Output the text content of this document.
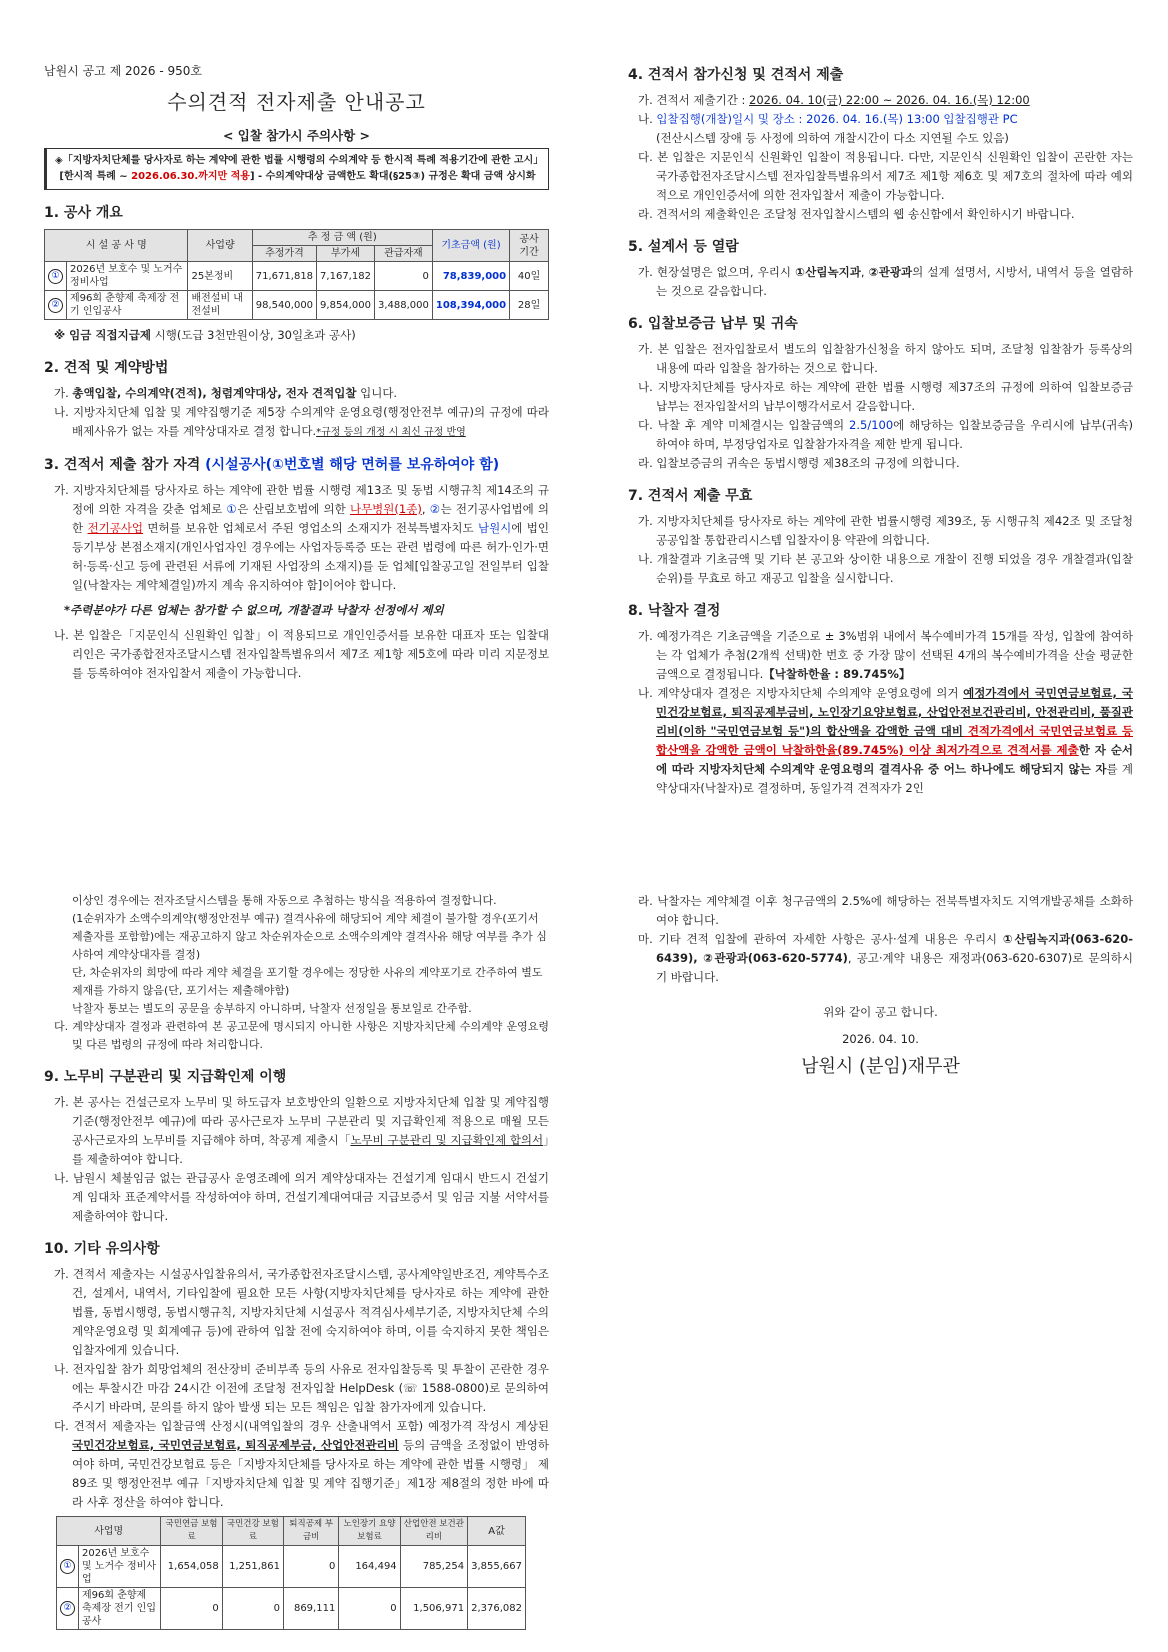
남원시 공고 제 2026 - 950호
수의견적 전자제출 안내공고
< 입찰 참가시 주의사항 >
◈「지방자치단체를 당사자로 하는 계약에 관한 법률 시행령의 수의계약 등 한시적 특례 적용기간에 관한 고시」
[한시적 특례 ~ 2026.06.30.까지만 적용] - 수의계약대상 금액한도 확대(§25③) 규정은 확대 금액 상시화
1. 공사 개요
시 설 공 사 명		사업량	추 정 금 액 (원)			기초금액 (원)	공사 기간
			추정가격	부가세	관급자재		
①	2026년 보호수 및 노거수 정비사업	25본정비	71,671,818	7,167,182	0	78,839,000	40일
②	제96회 춘향제 축제장 전기 인입공사	배전설비 내전설비	98,540,000	9,854,000	3,488,000	108,394,000	28일
※ 임금 직접지급제 시행(도급 3천만원이상, 30일초과 공사)
2. 견적 및 계약방법

가. 총액입찰, 수의계약(견적), 청렴계약대상, 전자 견적입찰 입니다.

나. 지방자치단체 입찰 및 계약집행기준 제5장 수의계약 운영요령(행정안전부 예규)의 규정에 따라 배제사유가 없는 자를 계약상대자로 결정 합니다.*규정 등의 개정 시 최신 규정 반영

3. 견적서 제출 참가 자격 (시설공사(①번호별 해당 면허를 보유하여야 함)

가. 지방자치단체를 당사자로 하는 계약에 관한 법률 시행령 제13조 및 동법 시행규칙 제14조의 규정에 의한 자격을 갖춘 업체로 ①은 산림보호법에 의한 나무병원(1종), ②는 전기공사업법에 의한 전기공사업 면허를 보유한 업체로서 주된 영업소의 소재지가 전북특별자치도 남원시에 법인등기부상 본점소재지(개인사업자인 경우에는 사업자등록증 또는 관련 법령에 따른 허가·인가·면허·등록·신고 등에 관련된 서류에 기재된 사업장의 소재지)를 둔 업체[입찰공고일 전일부터 입찰일(낙찰자는 계약체결일)까지 계속 유지하여야 함]이어야 합니다.

*주력분야가 다른 업체는 참가할 수 없으며, 개찰결과 낙찰자 선정에서 제외

나. 본 입찰은「지문인식 신원확인 입찰」이 적용되므로 개인인증서를 보유한 대표자 또는 입찰대리인은 국가종합전자조달시스템 전자입찰특별유의서 제7조 제1항 제5호에 따라 미리 지문정보를 등록하여야 전자입찰서 제출이 가능합니다.

4. 견적서 참가신청 및 견적서 제출

가. 견적서 제출기간 : 2026. 04. 10(금) 22:00 ~ 2026. 04. 16.(목) 12:00

나. 입찰집행(개찰)일시 및 장소 : 2026. 04. 16.(목) 13:00 입찰집행관 PC

(전산시스템 장애 등 사정에 의하여 개찰시간이 다소 지연될 수도 있음)

다. 본 입찰은 지문인식 신원확인 입찰이 적용됩니다. 다만, 지문인식 신원확인 입찰이 곤란한 자는 국가종합전자조달시스템 전자입찰특별유의서 제7조 제1항 제6호 및 제7호의 절차에 따라 예외적으로 개인인증서에 의한 전자입찰서 제출이 가능합니다.

라. 견적서의 제출확인은 조달청 전자입찰시스템의 웹 송신함에서 확인하시기 바랍니다.

5. 설계서 등 열람

가. 현장설명은 없으며, 우리시 ①산림녹지과, ②관광과의 설계 설명서, 시방서, 내역서 등을 열람하는 것으로 갈음합니다.

6. 입찰보증금 납부 및 귀속

가. 본 입찰은 전자입찰로서 별도의 입찰참가신청을 하지 않아도 되며, 조달청 입찰참가 등록상의 내용에 따라 입찰을 참가하는 것으로 합니다.

나. 지방자치단체를 당사자로 하는 계약에 관한 법률 시행령 제37조의 규정에 의하여 입찰보증금 납부는 전자입찰서의 납부이행각서로서 갈음합니다.

다. 낙찰 후 계약 미체결시는 입찰금액의 2.5/100에 해당하는 입찰보증금을 우리시에 납부(귀속) 하여야 하며, 부정당업자로 입찰참가자격을 제한 받게 됩니다.

라. 입찰보증금의 귀속은 동법시행령 제38조의 규정에 의합니다.

7. 견적서 제출 무효

가. 지방자치단체를 당사자로 하는 계약에 관한 법률시행령 제39조, 동 시행규칙 제42조 및 조달청 공공입찰 통합관리시스템 입찰자이용 약관에 의합니다.

나. 개찰결과 기초금액 및 기타 본 공고와 상이한 내용으로 개찰이 진행 되었을 경우 개찰결과(입찰순위)를 무효로 하고 재공고 입찰을 실시합니다.

8. 낙찰자 결정

가. 예정가격은 기초금액을 기준으로 ± 3%범위 내에서 복수예비가격 15개를 작성, 입찰에 참여하는 각 업체가 추첨(2개씩 선택)한 번호 중 가장 많이 선택된 4개의 복수예비가격을 산술 평균한 금액으로 결정됩니다.【낙찰하한율 : 89.745%】

나. 계약상대자 결정은 지방자치단체 수의계약 운영요령에 의거 예정가격에서 국민연금보험료, 국민건강보험료, 퇴직공제부금비, 노인장기요양보험료, 산업안전보건관리비, 안전관리비, 품질관리비(이하 "국민연금보험 등")의 합산액을 감액한 금액 대비 견적가격에서 국민연금보험료 등 합산액을 감액한 금액이 낙찰하한율(89.745%) 이상 최저가격으로 견적서를 제출한 자 순서에 따라 지방자치단체 수의계약 운영요령의 결격사유 중 어느 하나에도 해당되지 않는 자를 계약상대자(낙찰자)로 결정하며, 동일가격 견적자가 2인

이상인 경우에는 전자조달시스템을 통해 자동으로 추첨하는 방식을 적용하여 결정합니다.

(1순위자가 소액수의계약(행정안전부 예규) 결격사유에 해당되어 계약 체결이 불가할 경우(포기서 제출자를 포함함)에는 재공고하지 않고 차순위자순으로 소액수의계약 결격사유 해당 여부를 추가 심사하여 계약상대자를 결정)

단, 차순위자의 희망에 따라 계약 체결을 포기할 경우에는 정당한 사유의 계약포기로 간주하여 별도 제재를 가하지 않음(단, 포기서는 제출해야함)

낙찰자 통보는 별도의 공문을 송부하지 아니하며, 낙찰자 선정일을 통보일로 간주함.

다. 계약상대자 결정과 관련하여 본 공고문에 명시되지 아니한 사항은 지방자치단체 수의계약 운영요령 및 다른 법령의 규정에 따라 처리합니다.

9. 노무비 구분관리 및 지급확인제 이행

가. 본 공사는 건설근로자 노무비 및 하도급자 보호방안의 일환으로 지방자치단체 입찰 및 계약집행기준(행정안전부 예규)에 따라 공사근로자 노무비 구분관리 및 지급확인제 적용으로 매월 모든 공사근로자의 노무비를 지급해야 하며, 착공계 제출시「노무비 구분관리 및 지급확인제 합의서」를 제출하여야 합니다.

나. 남원시 체불임금 없는 관급공사 운영조례에 의거 계약상대자는 건설기계 임대시 반드시 건설기계 임대차 표준계약서를 작성하여야 하며, 건설기계대여대금 지급보증서 및 임금 지불 서약서를 제출하여야 합니다.

10. 기타 유의사항

가. 견적서 제출자는 시설공사입찰유의서, 국가종합전자조달시스템, 공사계약일반조건, 계약특수조건, 설계서, 내역서, 기타입찰에 필요한 모든 사항(지방자치단체를 당사자로 하는 계약에 관한 법률, 동법시행령, 동법시행규칙, 지방자치단체 시설공사 적격심사세부기준, 지방자치단체 수의계약운영요령 및 회계예규 등)에 관하여 입찰 전에 숙지하여야 하며, 이를 숙지하지 못한 책임은 입찰자에게 있습니다.

나. 전자입찰 참가 희망업체의 전산장비 준비부족 등의 사유로 전자입찰등록 및 투찰이 곤란한 경우에는 투찰시간 마감 24시간 이전에 조달청 전자입찰 HelpDesk (☏ 1588-0800)로 문의하여 주시기 바라며, 문의를 하지 않아 발생 되는 모든 책임은 입찰 참가자에게 있습니다.

다. 견적서 제출자는 입찰금액 산정시(내역입찰의 경우 산출내역서 포함) 예정가격 작성시 계상된 국민건강보험료, 국민연금보험료, 퇴직공제부금, 산업안전관리비 등의 금액을 조정없이 반영하여야 하며, 국민건강보험료 등은「지방자치단체를 당사자로 하는 계약에 관한 법률 시행령」 제89조 및 행정안전부 예규「지방자치단체 입찰 및 계약 집행기준」제1장 제8절의 정한 바에 따라 사후 정산을 하여야 합니다.

사업명		국민연금 보험료	국민건강 보험료	퇴직공제 부금비	노인장기 요양보험료	산업안전 보건관리비	A값
①	2026년 보호수 및 노거수 정비사업	1,654,058	1,251,861	0	164,494	785,254	3,855,667
②	제96회 춘향제 축제장 전기 인입공사	0	0	869,111	0	1,506,971	2,376,082

라. 낙찰자는 계약체결 이후 청구금액의 2.5%에 해당하는 전북특별자치도 지역개발공채를 소화하여야 합니다.

마. 기타 견적 입찰에 관하여 자세한 사항은 공사·설계 내용은 우리시 ①산림녹지과(063-620-6439), ②관광과(063-620-5774), 공고·계약 내용은 재정과(063-620-6307)로 문의하시기 바랍니다.

위와 같이 공고 합니다.
2026. 04. 10.
남원시 (분임)재무관
